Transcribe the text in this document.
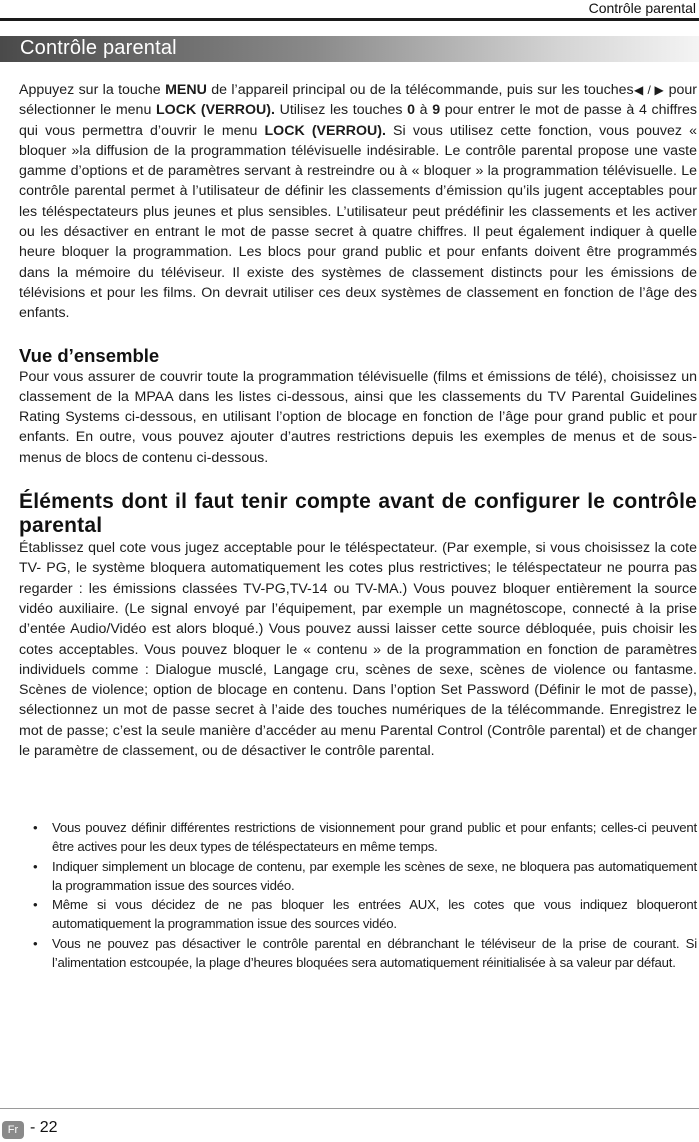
Contrôle parental
Contrôle parental

Appuyez sur la touche MENU de l’appareil principal ou de la télécommande, puis sur les touches◀ / ▶ pour sélectionner le menu LOCK (VERROU). Utilisez les touches 0 à 9 pour entrer le mot de passe à 4 chiffres qui vous permettra d’ouvrir le menu LOCK (VERROU). Si vous utilisez cette fonction, vous pouvez « bloquer »la diffusion de la programmation télévisuelle indésirable. Le contrôle parental propose une vaste gamme d’options et de paramètres servant à restreindre ou à « bloquer » la programmation télévisuelle. Le contrôle parental permet à l’utilisateur de définir les classements d’émission qu’ils jugent acceptables pour les téléspectateurs plus jeunes et plus sensibles. L’utilisateur peut prédéfinir les classements et les activer ou les désactiver en entrant le mot de passe secret à quatre chiffres. Il peut également indiquer à quelle heure bloquer la programmation. Les blocs pour grand public et pour enfants doivent être programmés dans la mémoire du téléviseur. Il existe des systèmes de classement distincts pour les émissions de télévisions et pour les films. On devrait utiliser ces deux systèmes de classement en fonction de l’âge des enfants.

Vue d’ensemble

Pour vous assurer de couvrir toute la programmation télévisuelle (films et émissions de télé), choisissez un classement de la MPAA dans les listes ci-dessous, ainsi que les classements du TV Parental Guidelines Rating Systems ci-dessous, en utilisant l’option de blocage en fonction de l’âge pour grand public et pour enfants. En outre, vous pouvez ajouter d’autres restrictions depuis les exemples de menus et de sous-menus de blocs de contenu ci-dessous.

Éléments dont il faut tenir compte avant de configurer le contrôle parental

Établissez quel cote vous jugez acceptable pour le téléspectateur. (Par exemple, si vous choisissez la cote TV- PG, le système bloquera automatiquement les cotes plus restrictives; le téléspectateur ne pourra pas regarder : les émissions classées TV-PG,TV-14 ou TV-MA.) Vous pouvez bloquer entièrement la source vidéo auxiliaire. (Le signal envoyé par l’équipement, par exemple un magnétoscope, connecté à la prise d’entée Audio/Vidéo est alors bloqué.) Vous pouvez aussi laisser cette source débloquée, puis choisir les cotes acceptables. Vous pouvez bloquer le « contenu » de la programmation en fonction de paramètres individuels comme : Dialogue musclé, Langage cru, scènes de sexe, scènes de violence ou fantasme. Scènes de violence; option de blocage en contenu. Dans l’option Set Password (Définir le mot de passe), sélectionnez un mot de passe secret à l’aide des touches numériques de la télécommande. Enregistrez le mot de passe; c’est la seule manière d’accéder au menu Parental Control (Contrôle parental) et de changer le paramètre de classement, ou de désactiver le contrôle parental.

• Vous pouvez définir différentes restrictions de visionnement pour grand public et pour enfants; celles-ci peuvent être actives pour les deux types de téléspectateurs en même temps.
• Indiquer simplement un blocage de contenu, par exemple les scènes de sexe, ne bloquera pas automatiquement la programmation issue des sources vidéo.
• Même si vous décidez de ne pas bloquer les entrées AUX, les cotes que vous indiquez bloqueront automatiquement la programmation issue des sources vidéo.
• Vous ne pouvez pas désactiver le contrôle parental en débranchant le téléviseur de la prise de courant. Si l’alimentation estcoupée, la plage d’heures bloquées sera automatiquement réinitialisée à sa valeur par défaut.
Fr - 22
